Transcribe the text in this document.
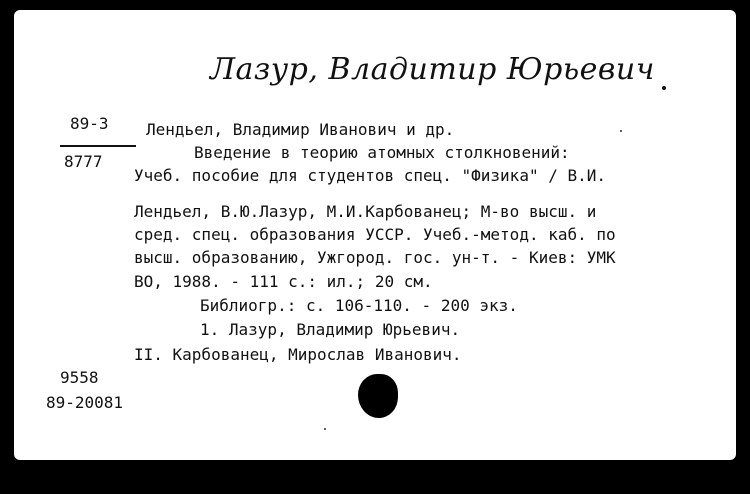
Лазур, Владитир Юрьевич
89-3
8777
Лендьел, Владимир Иванович и др.
Введение в теорию атомных столкновений:
Учеб. пособие для студентов спец. "Физика" / В.И.
Лендьел, В.Ю.Лазур, М.И.Карбованец; М-во высш. и
сред. спец. образования УССР. Учеб.-метод. каб. по
высш. образованию, Ужгород. гос. ун-т. - Киев: УМК
ВО, 1988. - 111 с.: ил.; 20 см.
Библиогр.: с. 106-110. - 200 экз.
1. Лазур, Владимир Юрьевич.
II. Карбованец, Мирослав Иванович.
9558
89-20081
